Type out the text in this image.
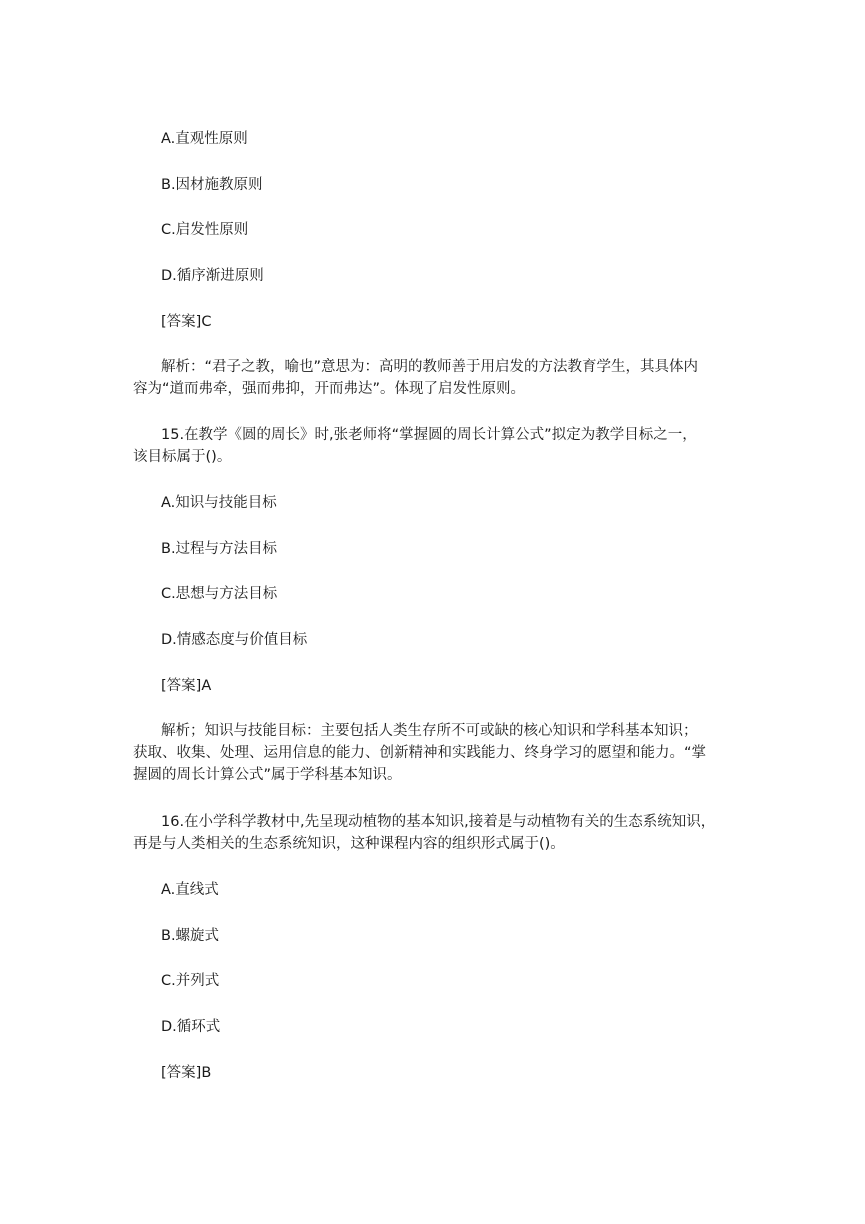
A.直观性原则
B.因材施教原则
C.启发性原则
D.循序渐进原则
[答案]C
解析：“君子之教，喻也”意思为：高明的教师善于用启发的方法教育学生，其具体内
容为“道而弗牵，强而弗抑，开而弗达”。体现了启发性原则。
15.在教学《圆的周长》时,张老师将“掌握圆的周长计算公式”拟定为教学目标之一，
该目标属于()。
A.知识与技能目标
B.过程与方法目标
C.思想与方法目标
D.情感态度与价值目标
[答案]A
解析；知识与技能目标：主要包括人类生存所不可或缺的核心知识和学科基本知识；
获取、收集、处理、运用信息的能力、创新精神和实践能力、终身学习的愿望和能力。“掌
握圆的周长计算公式”属于学科基本知识。
16.在小学科学教材中,先呈现动植物的基本知识,接着是与动植物有关的生态系统知识，
再是与人类相关的生态系统知识，这种课程内容的组织形式属于()。
A.直线式
B.螺旋式
C.并列式
D.循环式
[答案]B
